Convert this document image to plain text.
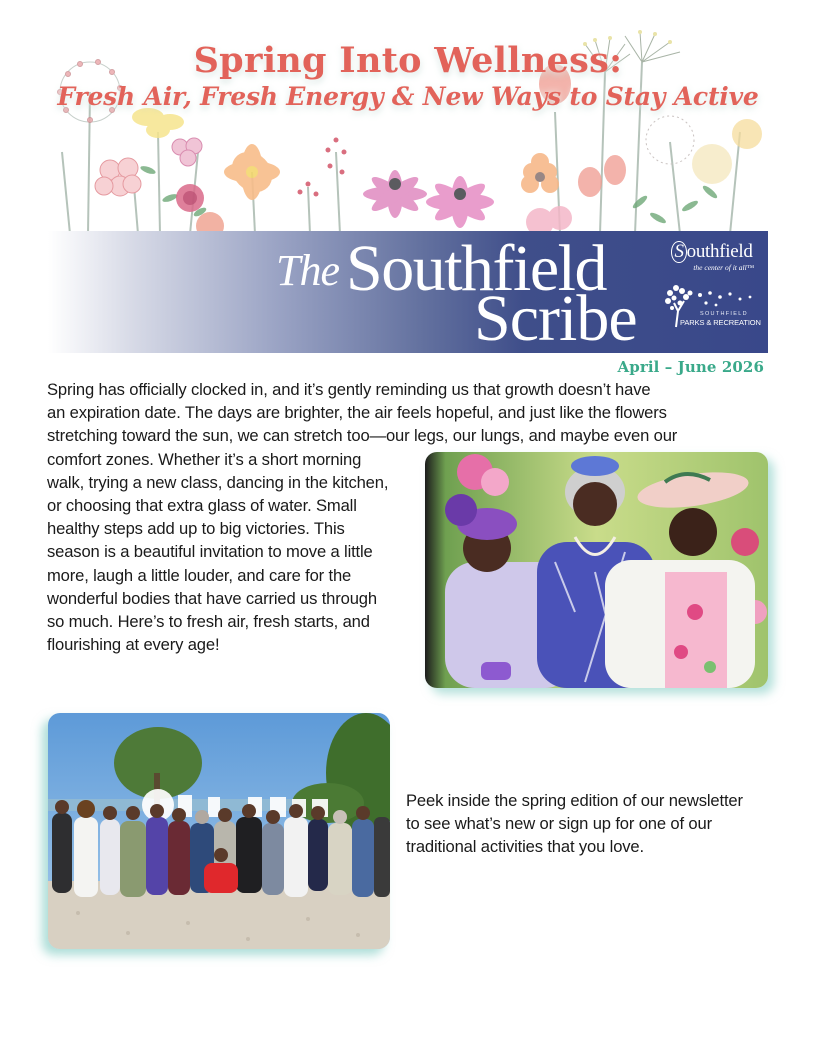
Spring Into Wellness:
Fresh Air, Fresh Energy & New Ways to Stay Active
The Southfield
Scribe
S outhfield
the center of it all™
SOUTHFIELD
PARKS & RECREATION
April – June 2026
Spring has officially clocked in, and it’s gently reminding us that growth doesn’t have
an expiration date. The days are brighter, the air feels hopeful, and just like the flowers
stretching toward the sun, we can stretch too—our legs, our lungs, and maybe even our
comfort zones. Whether it’s a short morning
walk, trying a new class, dancing in the kitchen,
or choosing that extra glass of water. Small
healthy steps add up to big victories. This
season is a beautiful invitation to move a little
more, laugh a little louder, and care for the
wonderful bodies that have carried us through
so much. Here’s to fresh air, fresh starts, and
flourishing at every age!
Peek inside the spring edition of our newsletter
to see what’s new or sign up for one of our
traditional activities that you love.
